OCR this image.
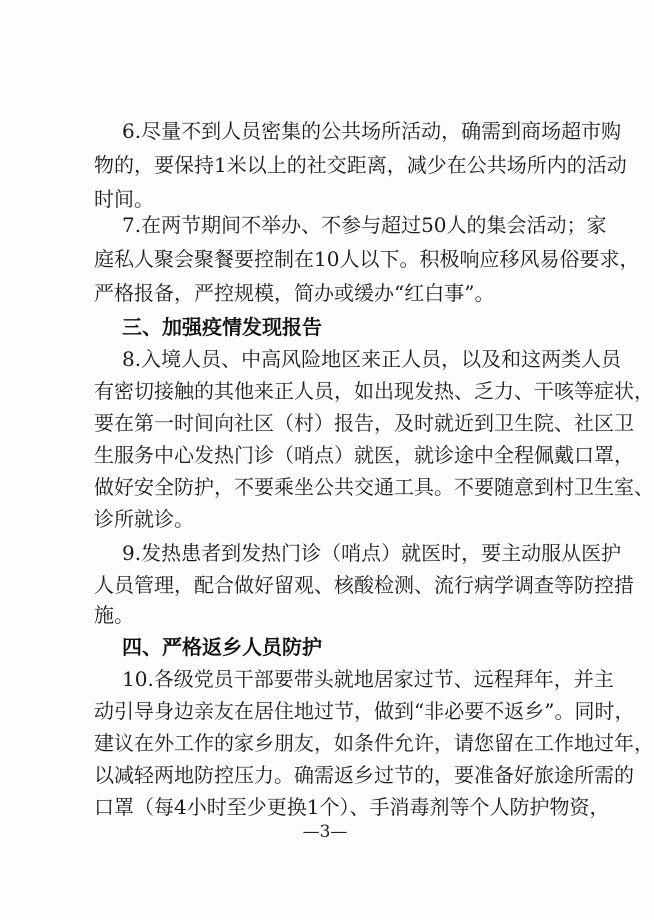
6.尽量不到人员密集的公共场所活动，确需到商场超市购
物的，要保持1米以上的社交距离，减少在公共场所内的活动
时间。
7.在两节期间不举办、不参与超过50人的集会活动；家
庭私人聚会聚餐要控制在10人以下。积极响应移风易俗要求，
严格报备，严控规模，简办或缓办“红白事”。
三、加强疫情发现报告
8.入境人员、中高风险地区来正人员，以及和这两类人员
有密切接触的其他来正人员，如出现发热、乏力、干咳等症状，
要在第一时间向社区（村）报告，及时就近到卫生院、社区卫
生服务中心发热门诊（哨点）就医，就诊途中全程佩戴口罩，
做好安全防护，不要乘坐公共交通工具。不要随意到村卫生室、
诊所就诊。
9.发热患者到发热门诊（哨点）就医时，要主动服从医护
人员管理，配合做好留观、核酸检测、流行病学调查等防控措
施。
四、严格返乡人员防护
10.各级党员干部要带头就地居家过节、远程拜年，并主
动引导身边亲友在居住地过节，做到“非必要不返乡”。同时，
建议在外工作的家乡朋友，如条件允许，请您留在工作地过年，
以减轻两地防控压力。确需返乡过节的，要准备好旅途所需的
口罩（每4小时至少更换1个）、手消毒剂等个人防护物资，
—3—
